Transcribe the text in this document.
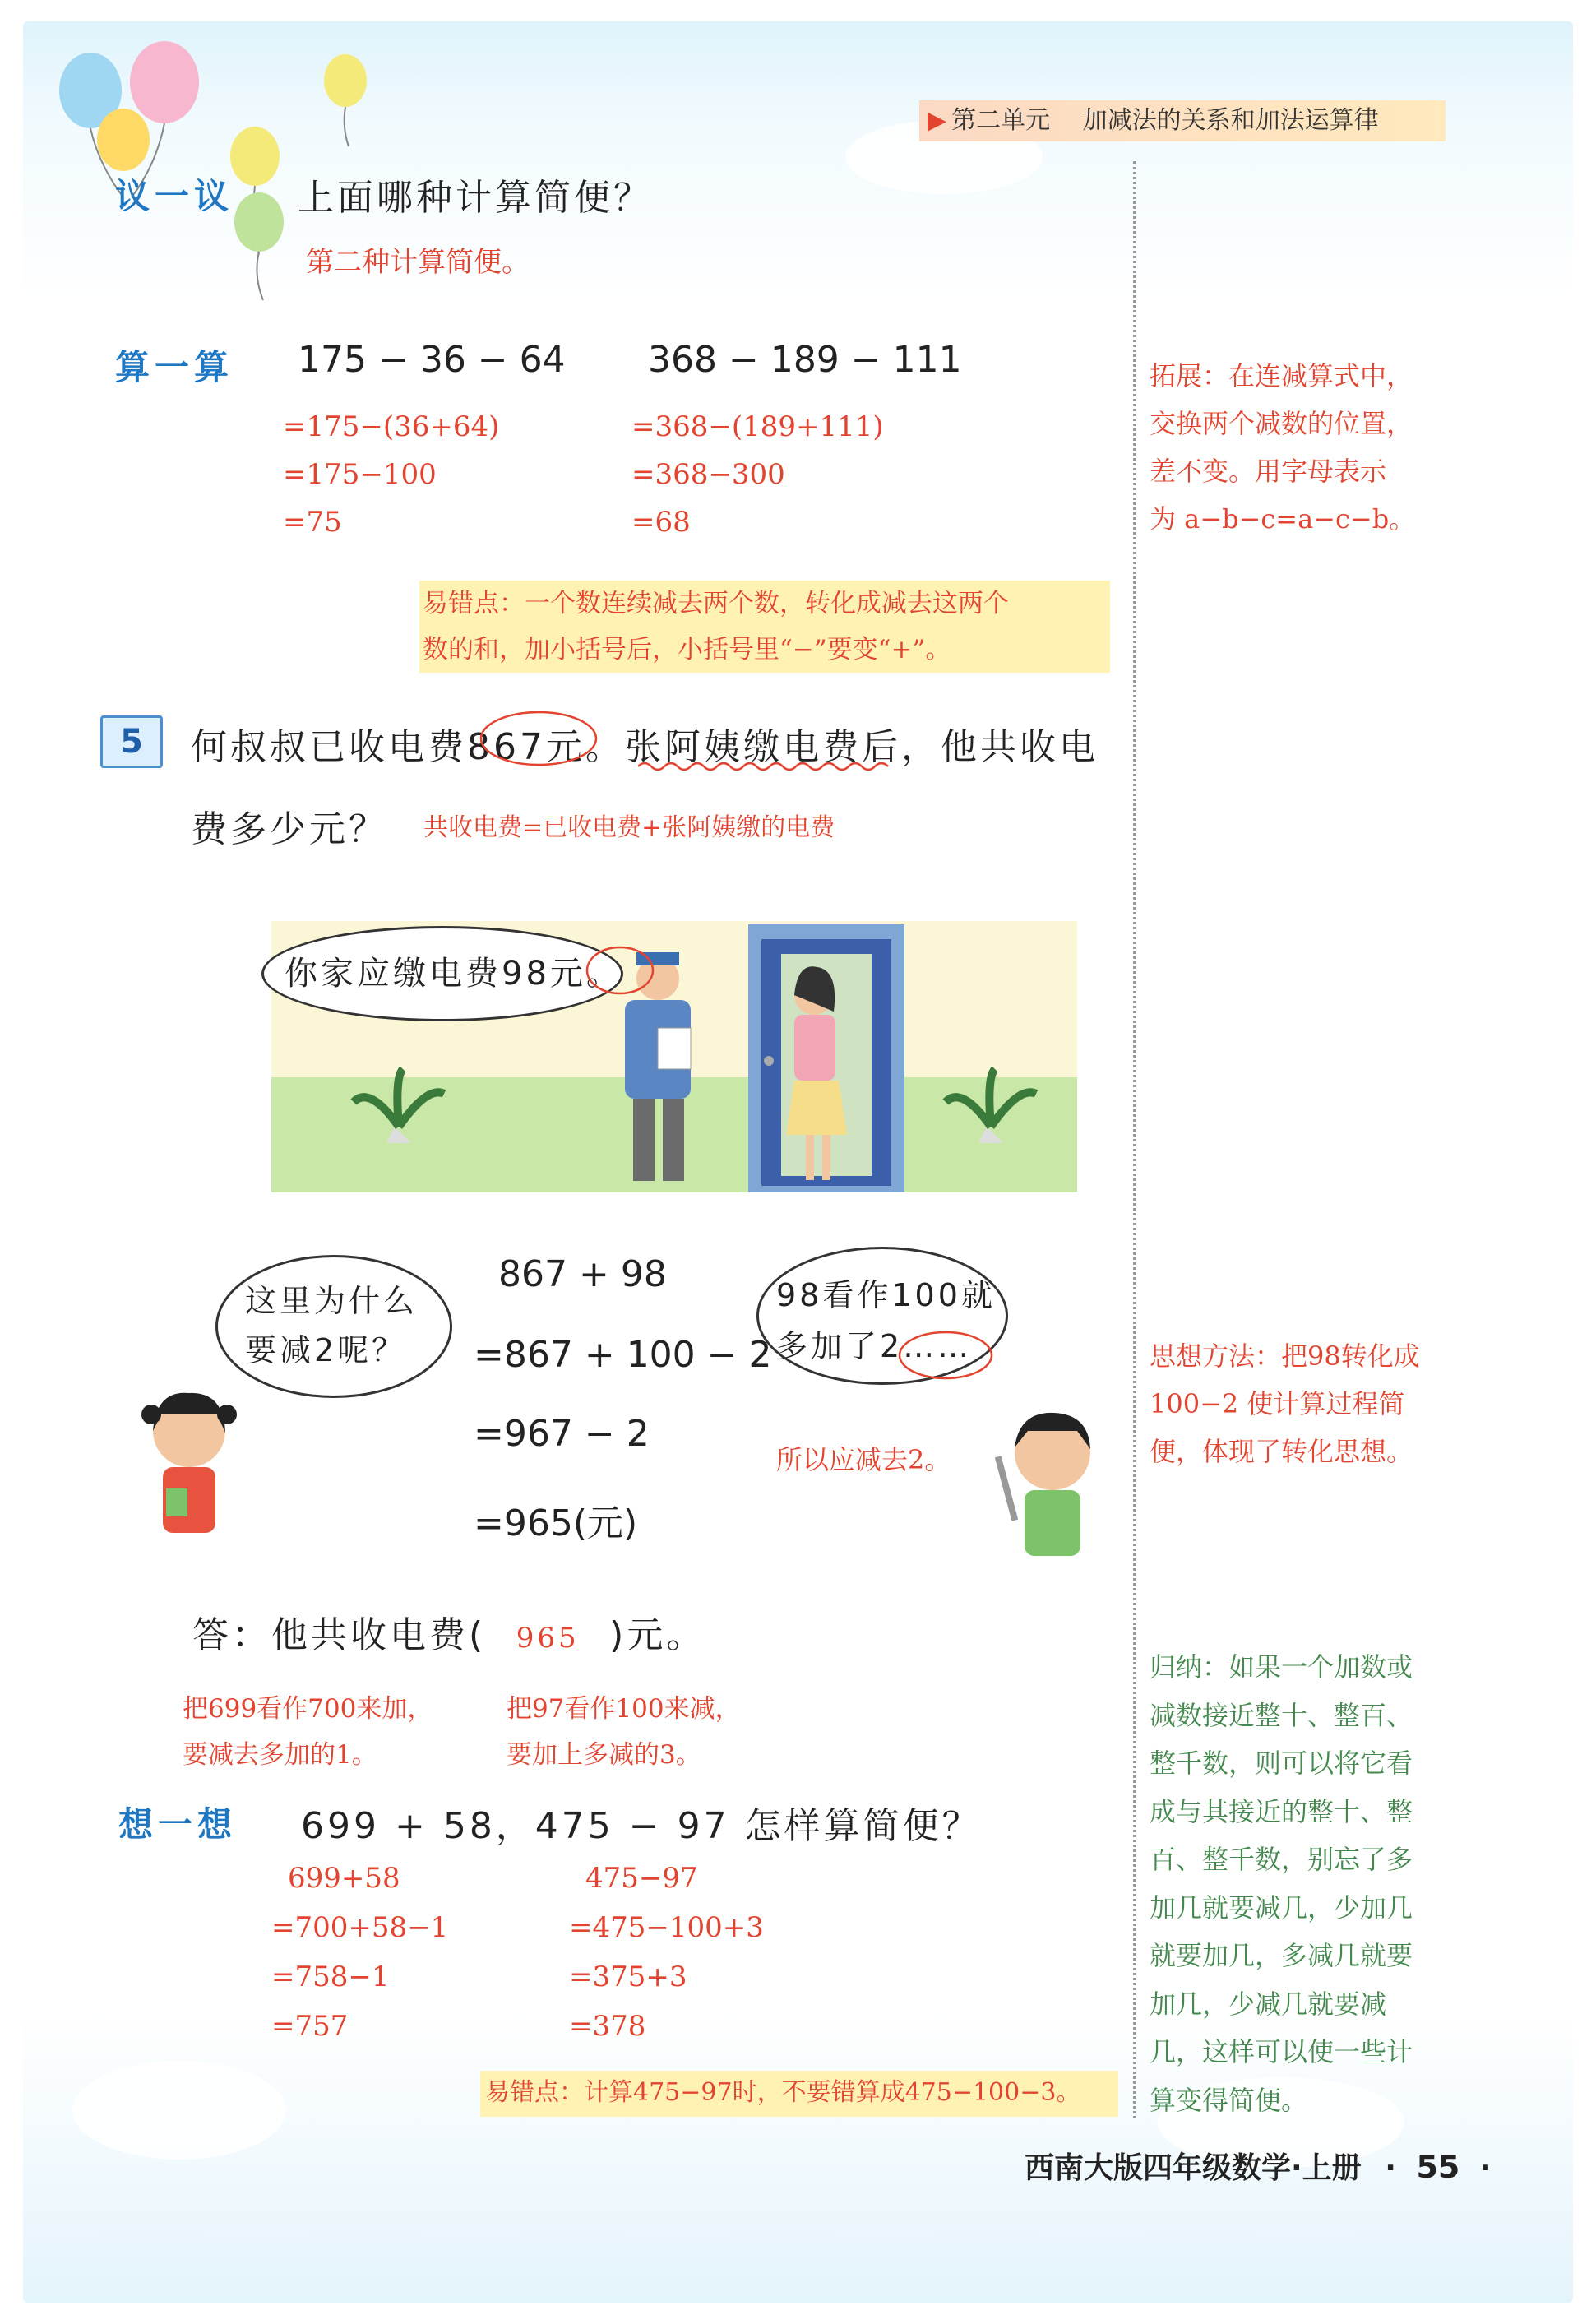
▶ 第二单元 加减法的关系和加法运算律
议一议 上面哪种计算简便？
第二种计算简便。
算一算 175 − 36 − 64 368 − 189 − 111
=175−(36+64)
=175−100
=75
=368−(189+111)
=368−300
=68
易错点：一个数连续减去两个数，转化成减去这两个
数的和，加小括号后，小括号里“−”要变“+”。
拓展：在连减算式中，
交换两个减数的位置，
差不变。用字母表示
为 a−b−c=a−c−b。
思想方法：把98转化成
100−2 使计算过程简
便，体现了转化思想。
归纳：如果一个加数或
减数接近整十、整百、
整千数，则可以将它看
成与其接近的整十、整
百、整千数，别忘了多
加几就要减几，少加几
就要加几，多减几就要
加几，少减几就要减
几，这样可以使一些计
算变得简便。
5	何叔叔已收电费867元。张阿姨缴电费后，他共收电
费多少元？ 共收电费=已收电费+张阿姨缴的电费
你家应缴电费98元。
867 + 98
=867 + 100 − 2
=967 − 2
=965(元)
这里为什么
要减2呢？
98看作100就
多加了2……
所以应减去2。
答：他共收电费( 965 )元。
把699看作700来加，
要减去多加的1。
把97看作100来减，
要加上多减的3。
想一想 699 + 58，475 − 97 怎样算简便？
699+58
=700+58−1
=758−1
=757
475−97
=475−100+3
=375+3
=378
易错点：计算475−97时，不要错算成475−100−3。
西南大版四年级数学·上册 · 55 ·
